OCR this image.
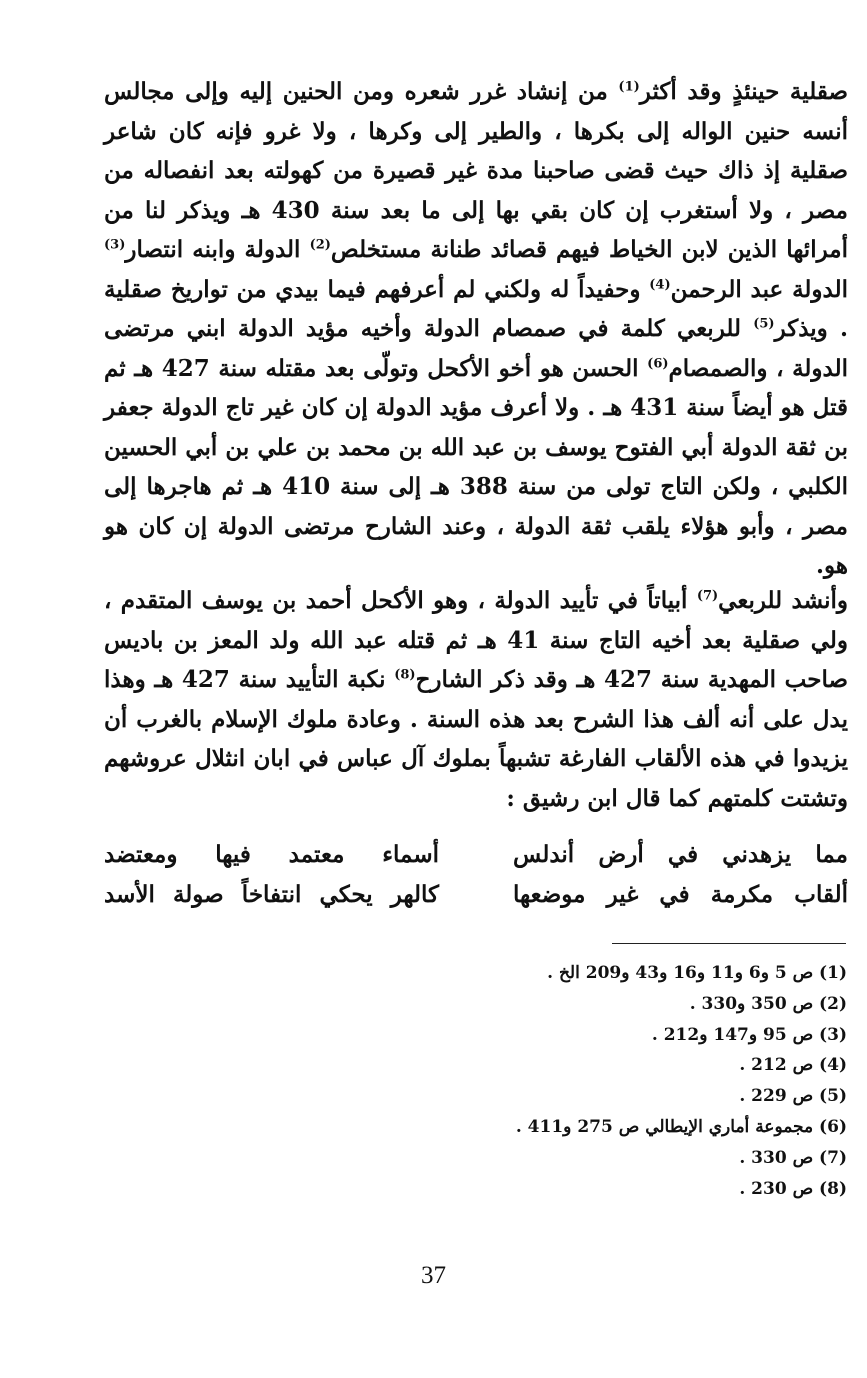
صقلية حينئذٍ وقد أكثر$^{(1)}$ من إنشاد غرر شعره ومن الحنين إليه وإلى مجالس أنسه حنين الواله إلى بكرها ، والطير إلى وكرها ، ولا غرو فإنه كان شاعر صقلية إذ ذاك حيث قضى صاحبنا مدة غير قصيرة من كهولته بعد انفصاله من مصر ، ولا أستغرب إن كان بقي بها إلى ما بعد سنة 430 هـ ويذكر لنا من أمرائها الذين لابن الخياط فيهم قصائد طنانة مستخلص$^{(2)}$ الدولة وابنه انتصار$^{(3)}$ الدولة عبد الرحمن$^{(4)}$ وحفيداً له ولكني لم أعرفهم فيما بيدي من تواريخ صقلية . ويذكر$^{(5)}$ للربعي كلمة في صمصام الدولة وأخيه مؤيد الدولة ابني مرتضى الدولة ، والصمصام$^{(6)}$ الحسن هو أخو الأكحل وتولّى بعد مقتله سنة 427 هـ ثم قتل هو أيضاً سنة 431 هـ . ولا أعرف مؤيد الدولة إن كان غير تاج الدولة جعفر بن ثقة الدولة أبي الفتوح يوسف بن عبد الله بن محمد بن علي بن أبي الحسين الكلبي ، ولكن التاج تولى من سنة 388 هـ إلى سنة 410 هـ ثم هاجرها إلى مصر ، وأبو هؤلاء يلقب ثقة الدولة ، وعند الشارح مرتضى الدولة إن كان هو هو.
وأنشد للربعي$^{(7)}$ أبياتاً في تأييد الدولة ، وهو الأكحل أحمد بن يوسف المتقدم ، ولي صقلية بعد أخيه التاج سنة 41 هـ ثم قتله عبد الله ولد المعز بن باديس صاحب المهدية سنة 427 هـ وقد ذكر الشارح$^{(8)}$ نكبة التأييد سنة 427 هـ وهذا يدل على أنه ألف هذا الشرح بعد هذه السنة . وعادة ملوك الإسلام بالغرب أن يزيدوا في هذه الألقاب الفارغة تشبهاً بملوك آل عباس في ابان انثلال عروشهم وتشتت كلمتهم كما قال ابن رشيق :
مما يزهدني في أرض أندلس
أسماء معتمد فيها ومعتضد
ألقاب مكرمة في غير موضعها
كالهر يحكي انتفاخاً صولة الأسد
(1) ص 5 و6 و11 و16 و43 و209 الخ .
(2) ص 350 و330 .
(3) ص 95 و147 و212 .
(4) ص 212 .
(5) ص 229 .
(6) مجموعة أماري الإيطالي ص 275 و411 .
(7) ص 330 .
(8) ص 230 .
37
